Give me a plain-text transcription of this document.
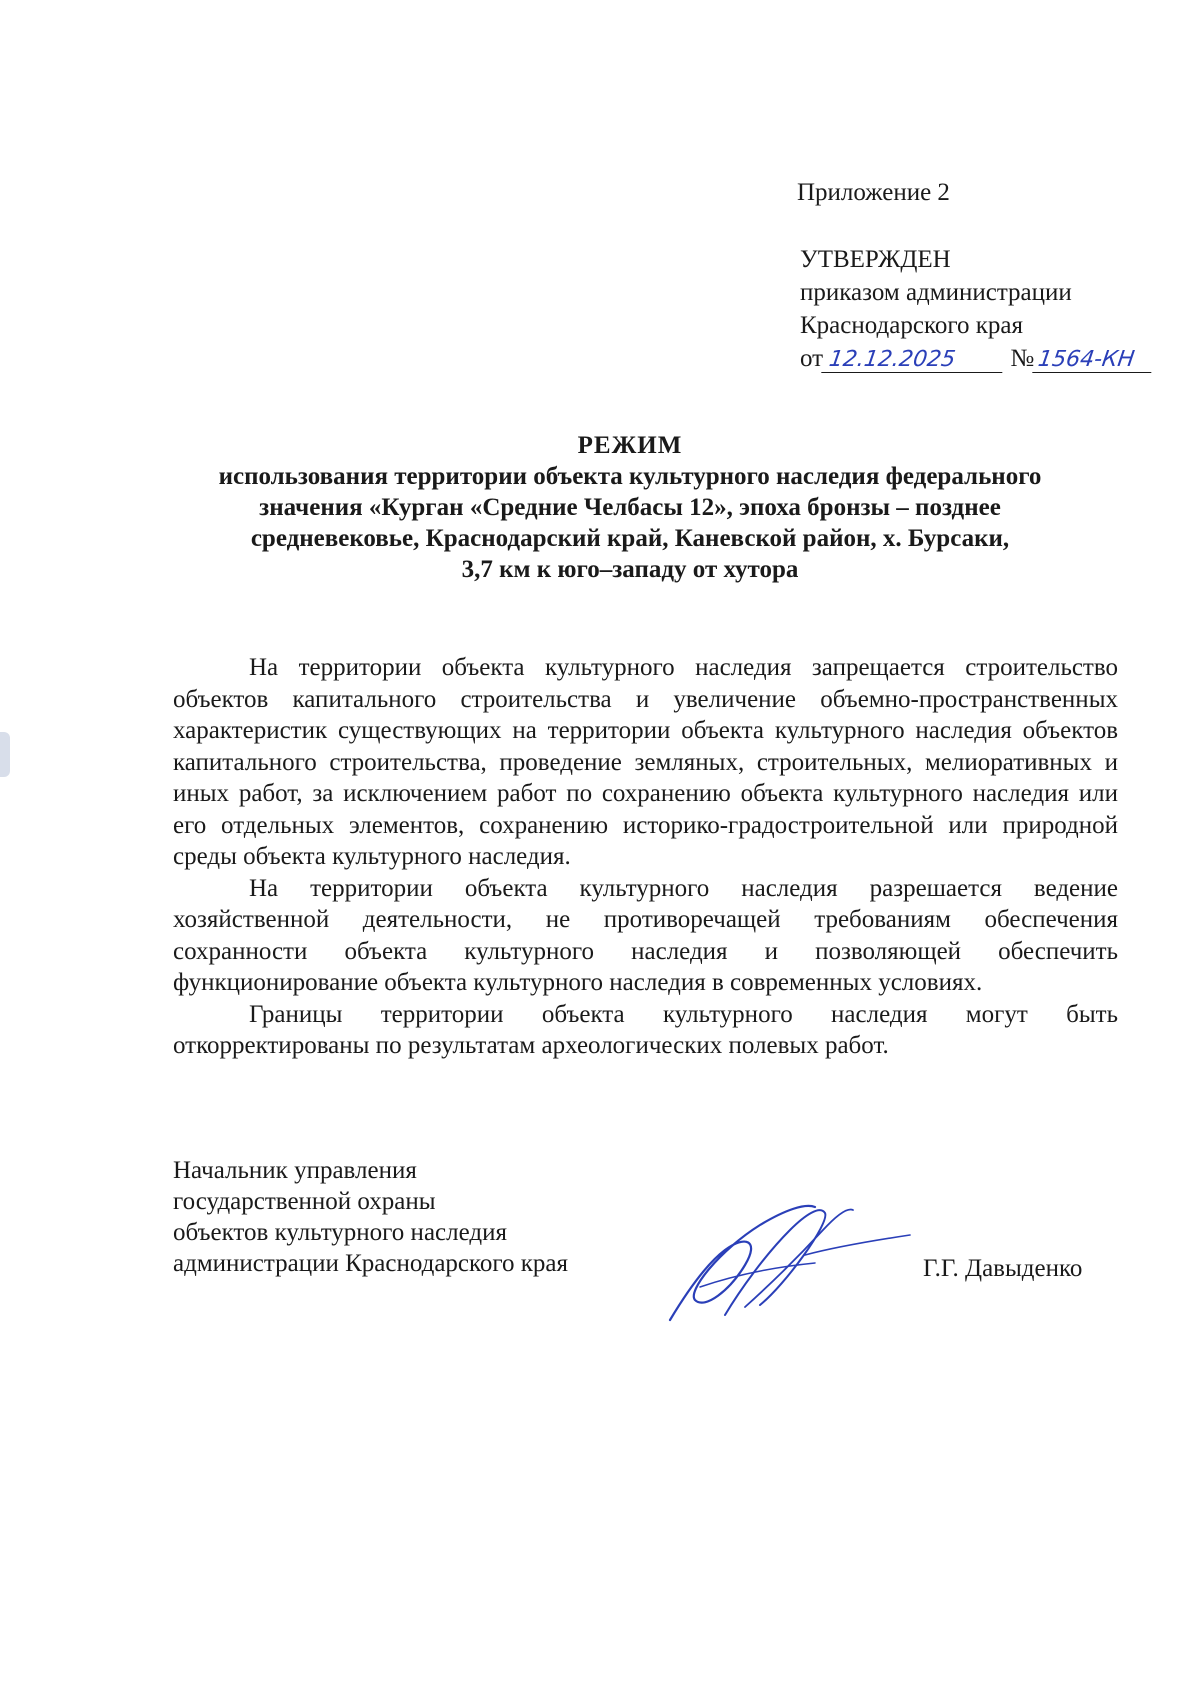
Приложение 2
УТВЕРЖДЕН
приказом администрации
Краснодарского края
от 12.12.2025 № 1564-КН
РЕЖИМ
использования территории объекта культурного наследия федерального
значения «Курган «Средние Челбасы 12», эпоха бронзы – позднее
средневековье, Краснодарский край, Каневской район, х. Бурсаки,
3,7 км к юго–западу от хутора

На территории объекта культурного наследия запрещается строительство объектов капитального строительства и увеличение объемно-пространственных характеристик существующих на территории объекта культурного наследия объектов капитального строительства, проведение земляных, строительных, мелиоративных и иных работ, за исключением работ по сохранению объекта культурного наследия или его отдельных элементов, сохранению историко-градостроительной или природной среды объекта культурного наследия.

На территории объекта культурного наследия разрешается ведение хозяйственной деятельности, не противоречащей требованиям обеспечения сохранности объекта культурного наследия и позволяющей обеспечить функционирование объекта культурного наследия в современных условиях.

Границы территории объекта культурного наследия могут быть откорректированы по результатам археологических полевых работ.

Начальник управления
государственной охраны
объектов культурного наследия
администрации Краснодарского края	Г.Г. Давыденко
